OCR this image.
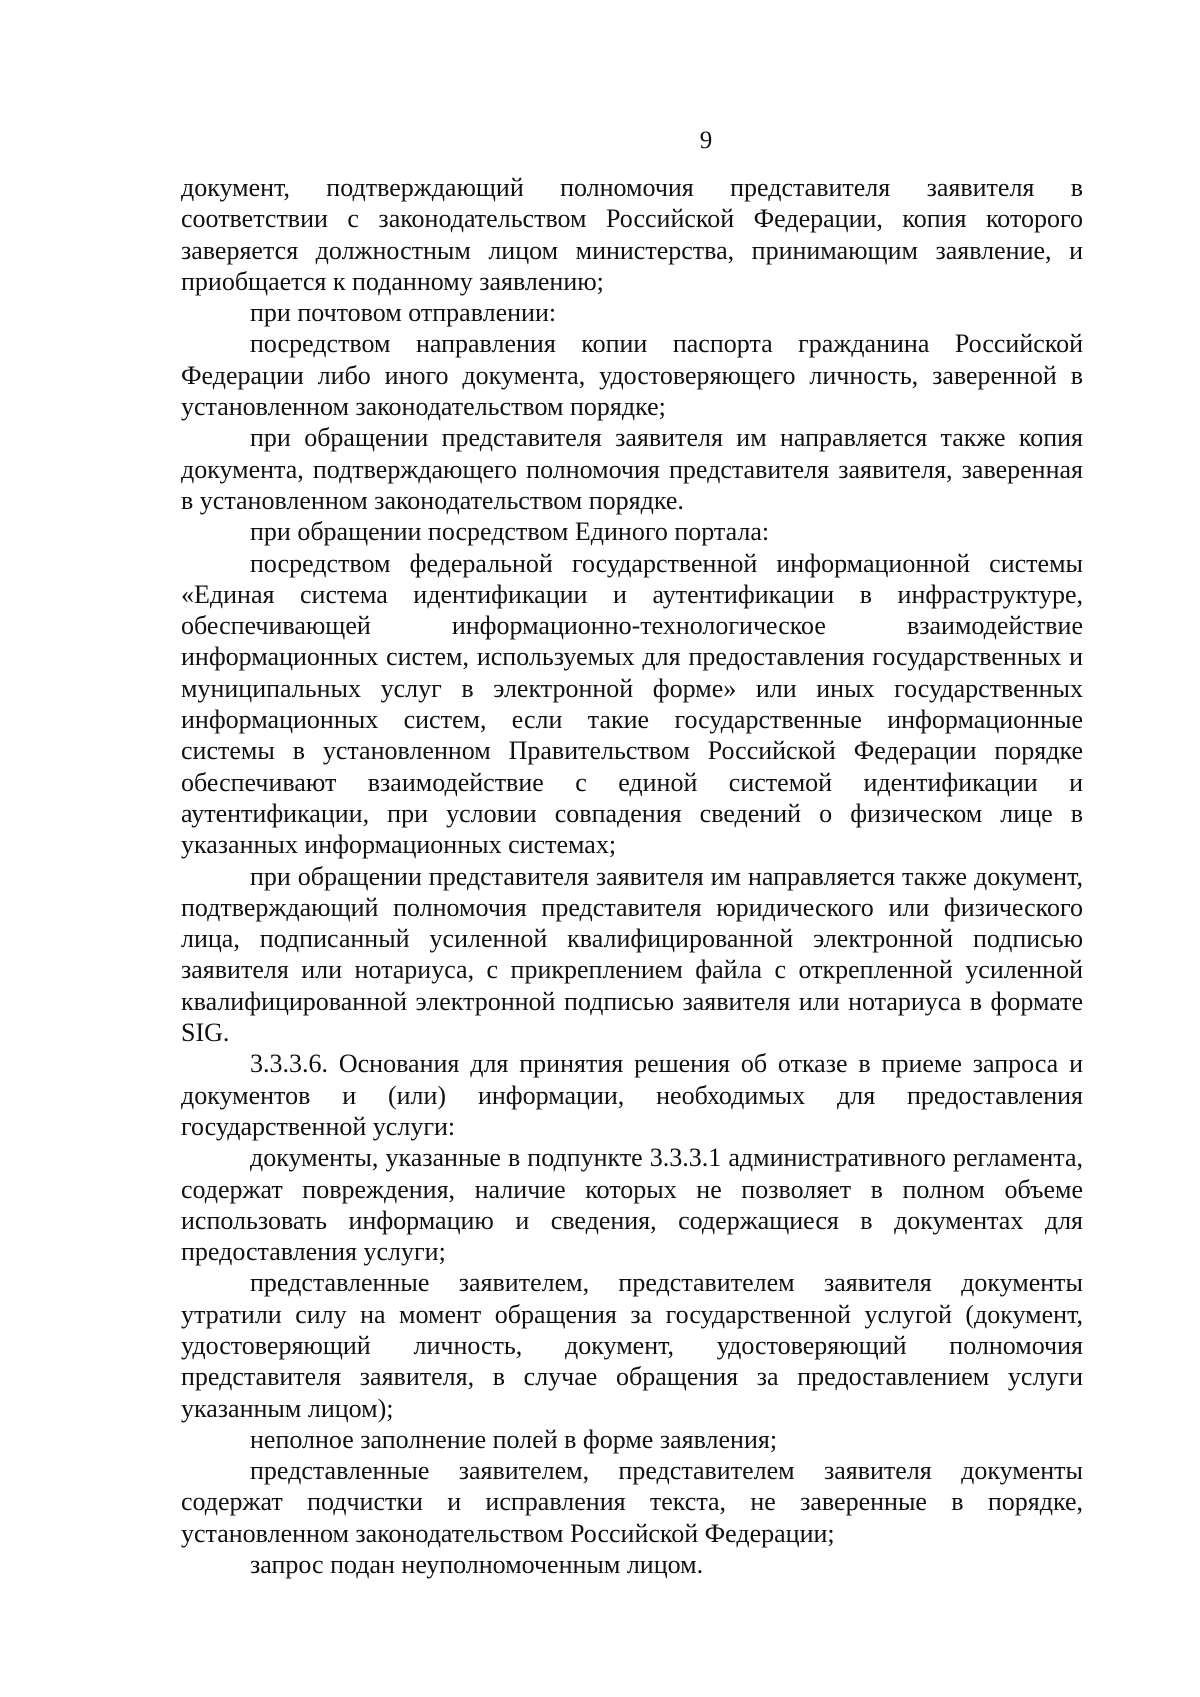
9

документ, подтверждающий полномочия представителя заявителя в соответствии с законодательством Российской Федерации, копия которого заверяется должностным лицом министерства, принимающим заявление, и приобщается к поданному заявлению;

при почтовом отправлении:

посредством направления копии паспорта гражданина Российской Федерации либо иного документа, удостоверяющего личность, заверенной в установленном законодательством порядке;

при обращении представителя заявителя им направляется также копия документа, подтверждающего полномочия представителя заявителя, заверенная в установленном законодательством порядке.

при обращении посредством Единого портала:

посредством федеральной государственной информационной системы «Единая система идентификации и аутентификации в инфраструктуре, обеспечивающей информационно-технологическое взаимодействие информационных систем, используемых для предоставления государственных и муниципальных услуг в электронной форме» или иных государственных информационных систем, если такие государственные информационные системы в установленном Правительством Российской Федерации порядке обеспечивают взаимодействие с единой системой идентификации и аутентификации, при условии совпадения сведений о физическом лице в указанных информационных системах;

при обращении представителя заявителя им направляется также документ, подтверждающий полномочия представителя юридического или физического лица, подписанный усиленной квалифицированной электронной подписью заявителя или нотариуса, с прикреплением файла с открепленной усиленной квалифицированной электронной подписью заявителя или нотариуса в формате SIG.

3.3.3.6. Основания для принятия решения об отказе в приеме запроса и документов и (или) информации, необходимых для предоставления государственной услуги:

документы, указанные в подпункте 3.3.3.1 административного регламента, содержат повреждения, наличие которых не позволяет в полном объеме использовать информацию и сведения, содержащиеся в документах для предоставления услуги;

представленные заявителем, представителем заявителя документы утратили силу на момент обращения за государственной услугой (документ, удостоверяющий личность, документ, удостоверяющий полномочия представителя заявителя, в случае обращения за предоставлением услуги указанным лицом);

неполное заполнение полей в форме заявления;

представленные заявителем, представителем заявителя документы содержат подчистки и исправления текста, не заверенные в порядке, установленном законодательством Российской Федерации;

запрос подан неуполномоченным лицом.
